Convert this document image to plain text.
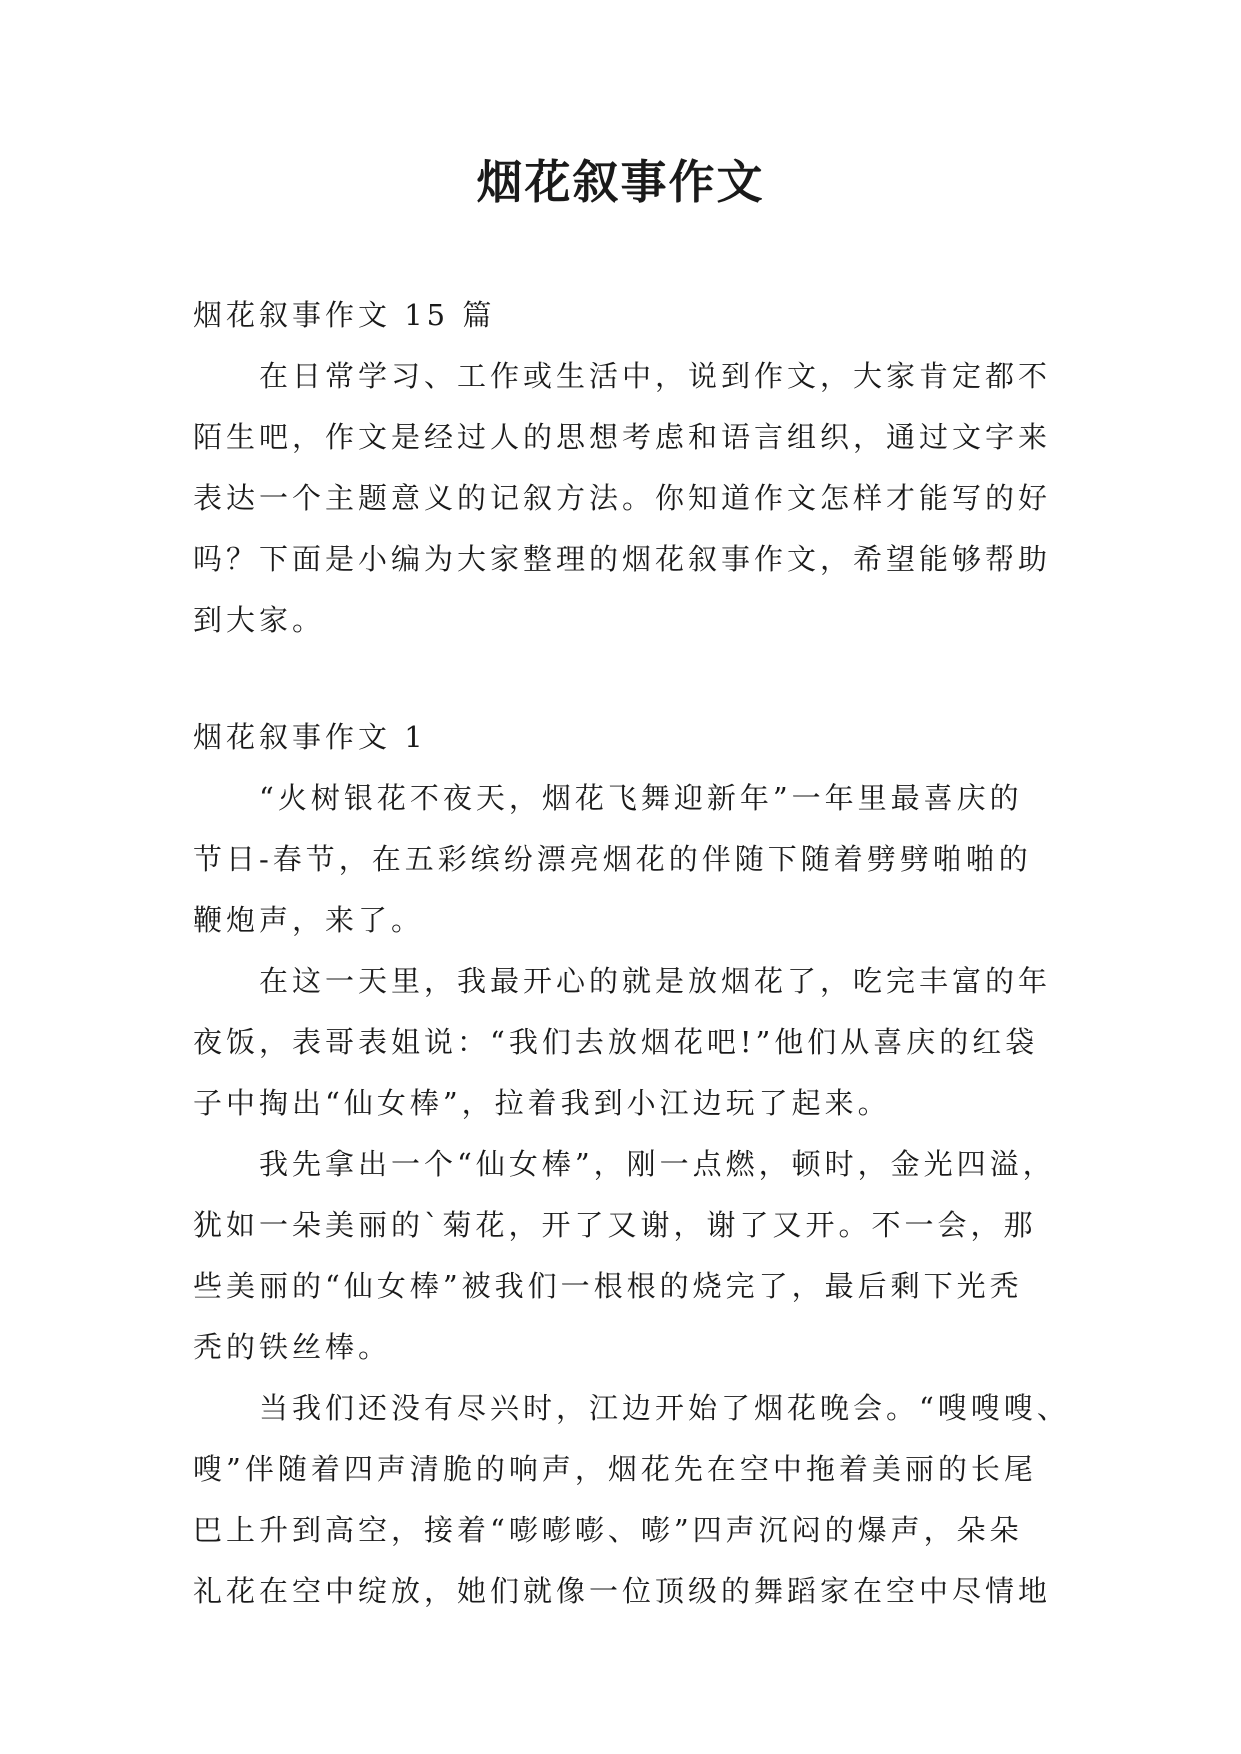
烟花叙事作文
烟花叙事作文 15 篇
在日常学习、工作或生活中，说到作文，大家肯定都不
陌生吧，作文是经过人的思想考虑和语言组织，通过文字来
表达一个主题意义的记叙方法。你知道作文怎样才能写的好
吗？下面是小编为大家整理的烟花叙事作文，希望能够帮助
到大家。
烟花叙事作文 1
“火树银花不夜天，烟花飞舞迎新年”一年里最喜庆的
节日-春节，在五彩缤纷漂亮烟花的伴随下随着劈劈啪啪的
鞭炮声，来了。
在这一天里，我最开心的就是放烟花了，吃完丰富的年
夜饭，表哥表姐说：“我们去放烟花吧!”他们从喜庆的红袋
子中掏出“仙女棒”，拉着我到小江边玩了起来。
我先拿出一个“仙女棒”，刚一点燃，顿时，金光四溢，
犹如一朵美丽的`菊花，开了又谢，谢了又开。不一会，那
些美丽的“仙女棒”被我们一根根的烧完了，最后剩下光秃
秃的铁丝棒。
当我们还没有尽兴时，江边开始了烟花晚会。“嗖嗖嗖、
嗖”伴随着四声清脆的响声，烟花先在空中拖着美丽的长尾
巴上升到高空，接着“嘭嘭嘭、嘭”四声沉闷的爆声，朵朵
礼花在空中绽放，她们就像一位顶级的舞蹈家在空中尽情地
